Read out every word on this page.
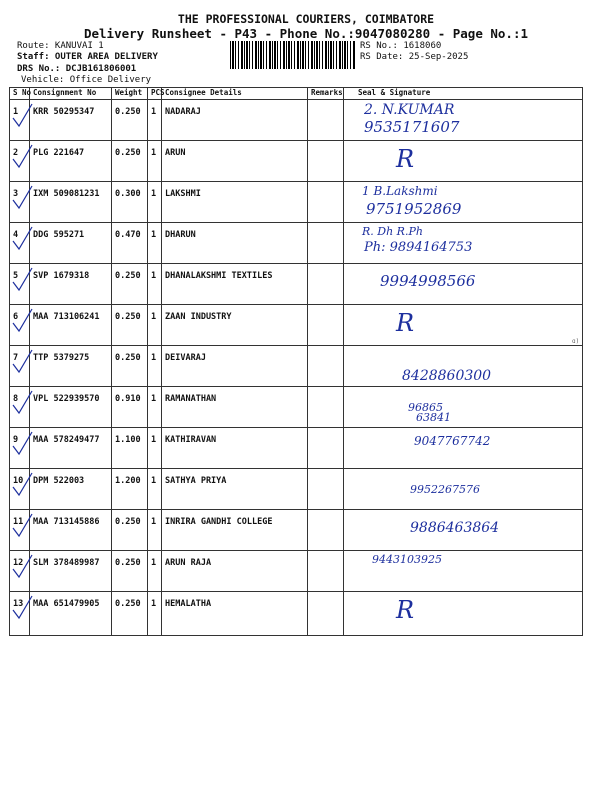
THE PROFESSIONAL COURIERS, COIMBATORE
Delivery Runsheet - P43 - Phone No.:9047080280 - Page No.:1
Route: KANUVAI 1
Staff: OUTER AREA DELIVERY
DRS No.: DCJB161806001
Vehicle: Office Delivery
RS No.: 1618060
RS Date: 25-Sep-2025
S No	Consignment No	Weight	PCS	Consignee Details	Remarks	Seal & Signature
1	KRR 50295347	0.250	1	NADARAJ		2. N.KUMAR
9535171607

2	PLG 221647	0.250	1	ARUN		R

3	IXM 509081231	0.300	1	LAKSHMI		1 B.Lakshmi
9751952869

4	DDG 595271	0.470	1	DHARUN		R. Dh R.Ph
Ph: 9894164753

5	SVP 1679318	0.250	1	DHANALAKSHMI TEXTILES		9994998566

6	MAA 713106241	0.250	1	ZAAN INDUSTRY		R

7	TTP 5379275	0.250	1	DEIVARAJ		8428860300

8	VPL 522939570	0.910	1	RAMANATHAN		96865
63841

9	MAA 578249477	1.100	1	KATHIRAVAN		9047767742

10	DPM 522003	1.200	1	SATHYA PRIYA		9952267576

11	MAA 713145886	0.250	1	INRIRA GANDHI COLLEGE		9886463864

12	SLM 378489987	0.250	1	ARUN RAJA		9443103925

13	MAA 651479905	0.250	1	HEMALATHA		R
ɑ)
